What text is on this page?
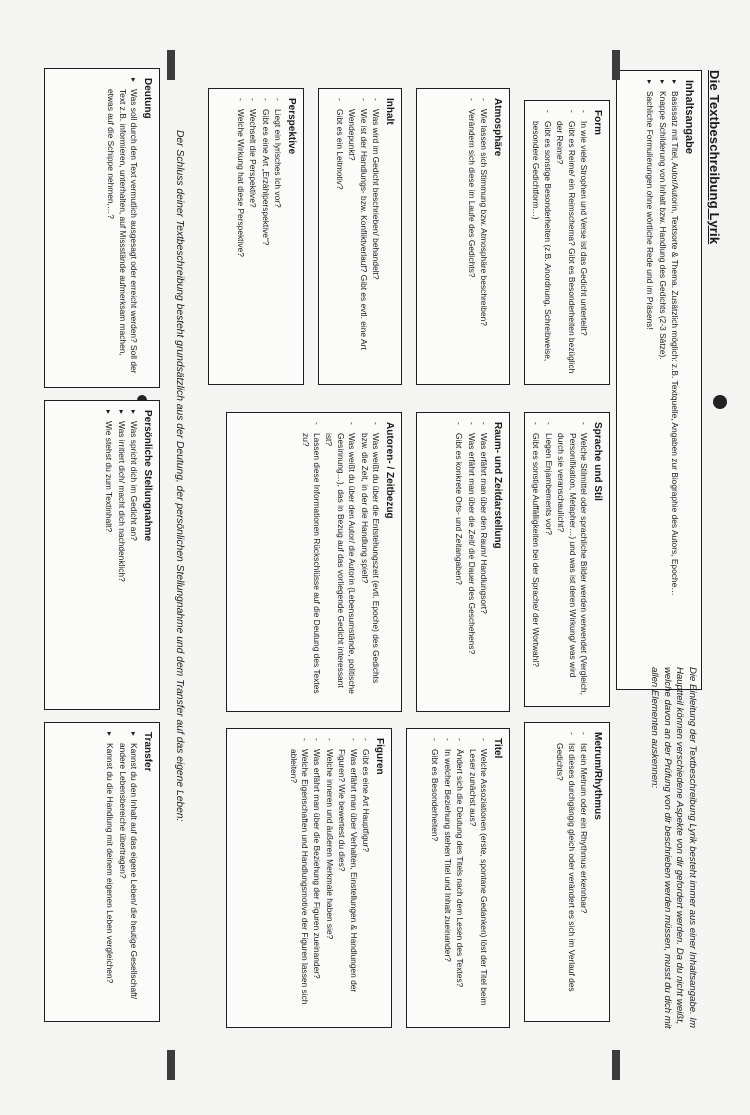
Die Textbeschreibung Lyrik
Inhaltsangabe
▸ Basissatz mit Titel, Autor/Autorin, Textsorte & Thema. Zusätzlich möglich: z.B. Textquelle, Angaben zur Biographie des Autors, Epoche…
▸ Knappe Schilderung von Inhalt bzw. Handlung des Gedichts (2-3 Sätze).
▸ Sachliche Formulierungen ohne wörtliche Rede und im Präsens!
Die Einleitung der Textbeschreibung Lyrik besteht immer aus einer Inhaltsangabe. Im Hauptteil können verschiedene Aspekte von dir gefordert werden. Da du nicht weißt, welche davon an der Prüfung von dir beschrieben werden müssen, musst du dich mit allen Elementen auskennen:
Form
- In wie viele Strophen und Verse ist das Gedicht unterteilt?
- Gibt es Reime/ ein Reimschema? Gibt es Besonderheiten bezüglich der Reime?
- Gibt es sonstige Besonderheiten (z.B. Anordnung, Schreibweise, besondere Gedichtform…)
Sprache und Stil
- Welche Stilmittel oder sprachliche Bilder werden verwendet (Vergleich, Personifikation, Metapher…) und was ist deren Wirkung/ was wird durch sie veranschaulicht?
- Liegen Enjambements vor?
- Gibt es sonstige Auffälligkeiten bei der Sprache/ der Wortwahl?
Metrum/Rhythmus
- Ist ein Metrum oder ein Rhythmus erkennbar?
- Ist dieses durchgängig gleich oder verändert es sich im Verlauf des Gedichts?
Atmosphäre
- Wie lassen sich Stimmung bzw. Atmosphäre beschreiben?
- Verändern sich diese im Laufe des Gedichts?
Raum- und Zeitdarstellung
- Was erfährt man über den Raum/ Handlungsort?
- Was erfährt man über die Zeit/ die Dauer des Geschehens?
- Gibt es konkrete Orts- und Zeitangaben?
Titel
- Welche Assoziationen (erste, spontane Gedanken) löst der Titel beim Leser zunächst aus?
- Ändert sich die Deutung des Titels nach dem Lesen des Textes?
- In welcher Beziehung stehen Titel und Inhalt zueinander?
- Gibt es Besonderheiten?
Inhalt
- Was wird im Gedicht beschrieben/ behandelt?
- Wie ist der Handlungs- bzw. Konfliktverlauf? Gibt es evtl. eine Art Wendepunkt?
- Gibt es ein Leitmotiv?
Autoren- / Zeitbezug
- Was weißt du über die Entstehungszeit (evtl. Epoche) des Gedichts bzw. die Zeit, in der die Handlung spielt?
- Was weißt du über den Autor/ die Autorin (Lebensumstände, politische Gesinnung…), das in Bezug auf das vorliegende Gedicht interessant ist?
- Lassen diese Informationen Rückschlüsse auf die Deutung des Textes zu?
Figuren
- Gibt es eine Art Hauptfigur?
- Was erfährt man über Verhalten, Einstellungen & Handlungen der Figuren? Wie bewertest du dies?
- Welche inneren und äußeren Merkmale haben sie?
- Was erfährt man über die Beziehung der Figuren zueinander?
- Welche Eigenschaften und Handlungsmotive der Figuren lassen sich ableiten?
Perspektive
- Liegt ein lyrisches Ich vor?
- Gibt es eine Art „Erzählperspektive“?
- Wechselt die Perspektive?
- Welche Wirkung hat diese Perspektive?
Der Schluss deiner Textbeschreibung besteht grundsätzlich aus der Deutung, der persönlichen Stellungnahme und dem Transfer auf das eigene Leben:
Deutung
▸ Was soll durch den Text vermutlich ausgesagt oder erreicht werden? Soll der Text z.B. informieren, unterhalten, auf Missstände aufmerksam machen, etwas auf die Schippe nehmen,…?
Persönliche Stellungnahme
▸ Was spricht dich im Gedicht an?
▸ Was irritiert dich/ macht dich nachdenklich?
▸ Wie stehst du zum Textinhalt?
Transfer
▸ Kannst du den Inhalt auf das eigene Leben/ die heutige Gesellschaft/ andere Lebensbereiche übertragen?
▸ Kannst du die Handlung mit deinem eigenen Leben vergleichen?
